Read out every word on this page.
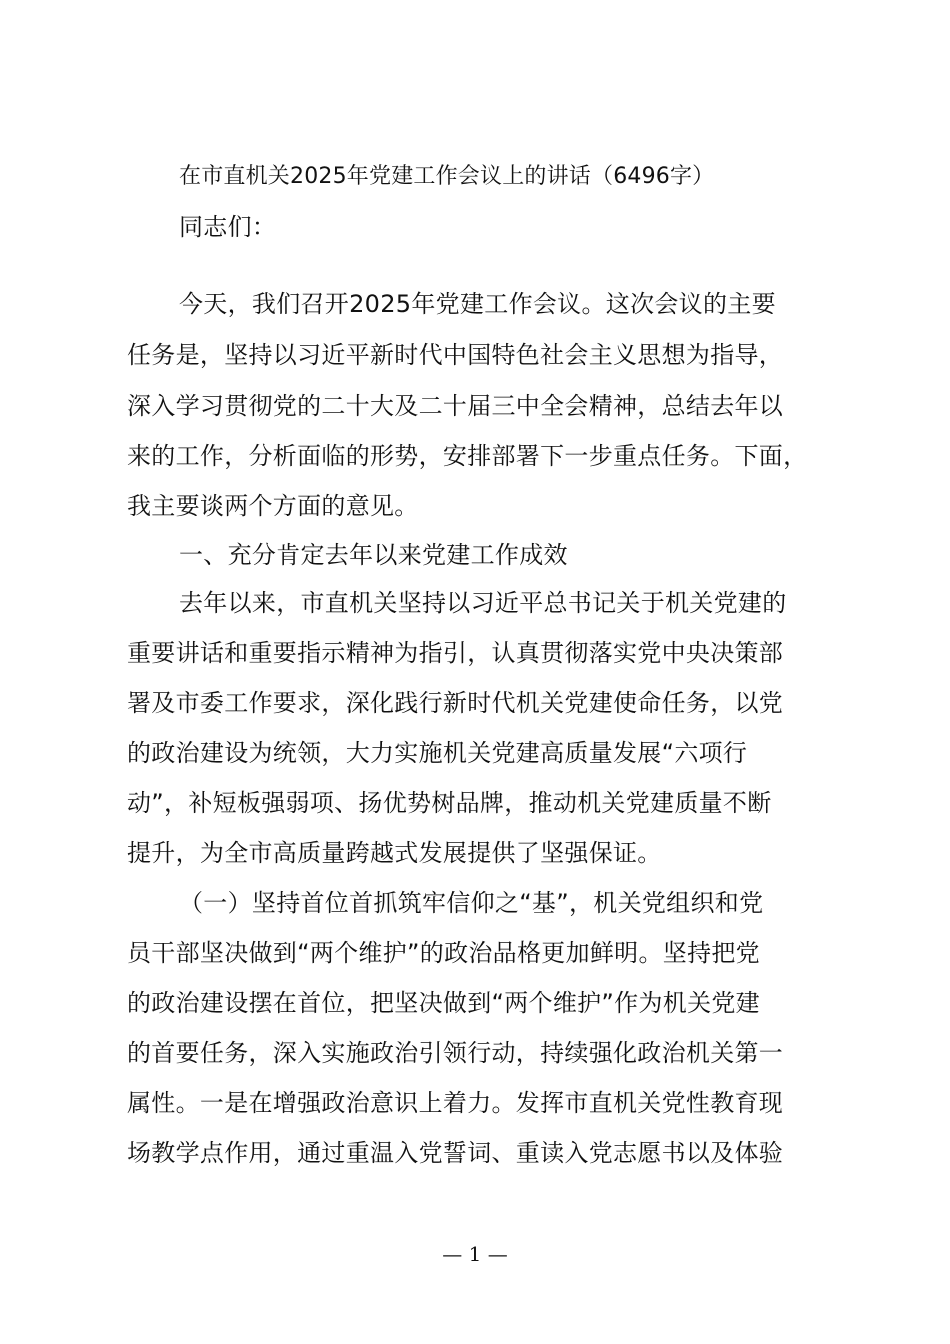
在市直机关2025年党建工作会议上的讲话（6496字）
同志们：
今天，我们召开2025年党建工作会议。这次会议的主要
任务是，坚持以习近平新时代中国特色社会主义思想为指导，
深入学习贯彻党的二十大及二十届三中全会精神，总结去年以
来的工作，分析面临的形势，安排部署下一步重点任务。下面，
我主要谈两个方面的意见。
一、充分肯定去年以来党建工作成效
去年以来，市直机关坚持以习近平总书记关于机关党建的
重要讲话和重要指示精神为指引，认真贯彻落实党中央决策部
署及市委工作要求，深化践行新时代机关党建使命任务，以党
的政治建设为统领，大力实施机关党建高质量发展“六项行
动”，补短板强弱项、扬优势树品牌，推动机关党建质量不断
提升，为全市高质量跨越式发展提供了坚强保证。
（一）坚持首位首抓筑牢信仰之“基”，机关党组织和党
员干部坚决做到“两个维护”的政治品格更加鲜明。坚持把党
的政治建设摆在首位，把坚决做到“两个维护”作为机关党建
的首要任务，深入实施政治引领行动，持续强化政治机关第一
属性。一是在增强政治意识上着力。发挥市直机关党性教育现
场教学点作用，通过重温入党誓词、重读入党志愿书以及体验
— 1 —
